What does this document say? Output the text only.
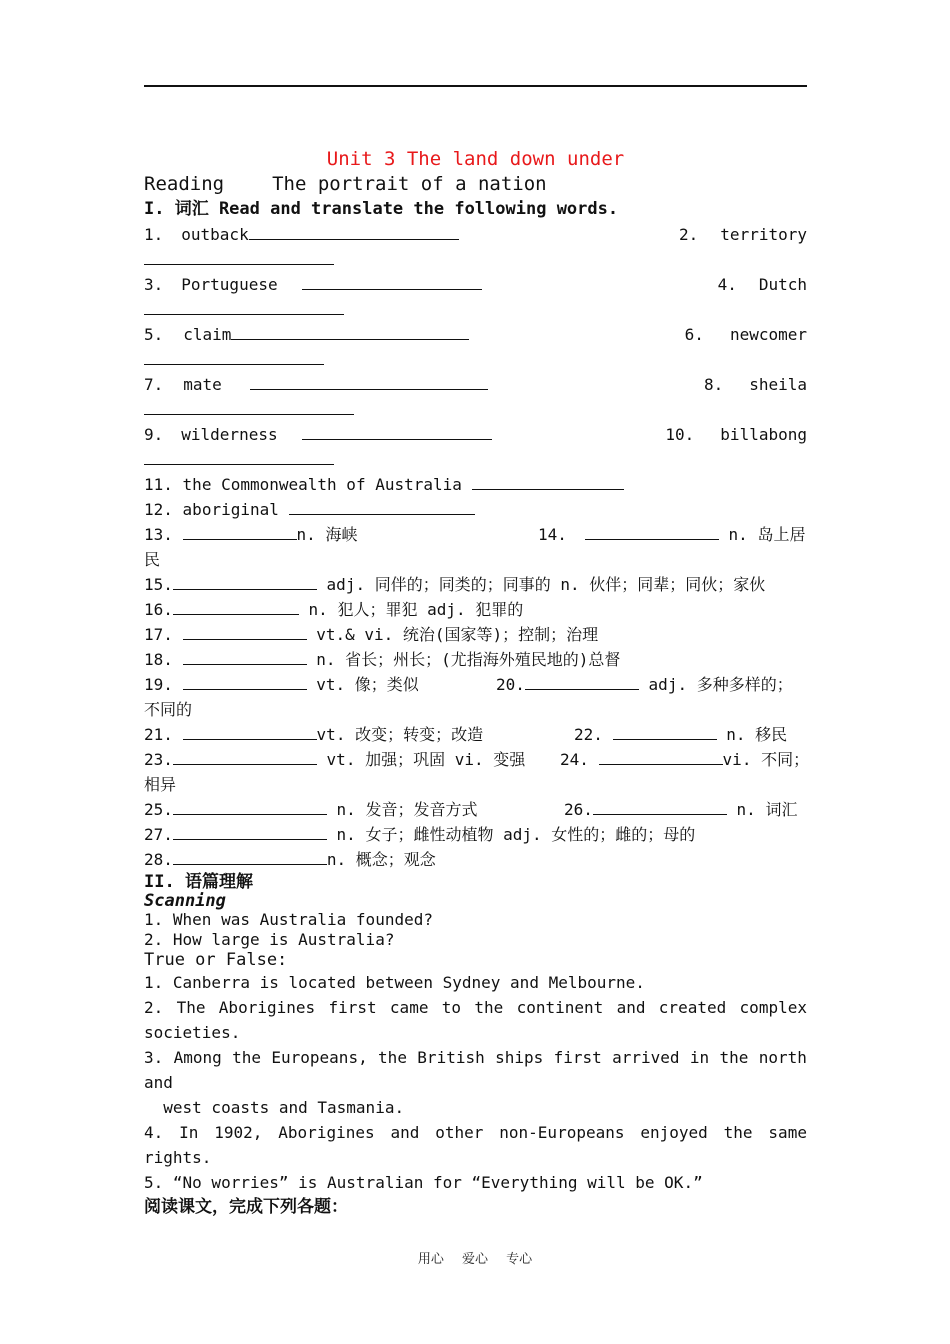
Unit 3 The land down under
Reading	The portrait of a nation
I. 词汇 Read and translate the following words.
1. outback	2. territory
3. Portuguese	4. Dutch
5. claim	6. newcomer
7. mate	8. sheila
9. wilderness	10. billabong
11. the Commonwealth of Australia
12. aboriginal
13.	n. 海峡	14.	n. 岛上居
民
15.	adj. 同伴的；同类的；同事的 n. 伙伴；同辈；同伙；家伙
16.	n. 犯人；罪犯 adj. 犯罪的
17.	vt.& vi. 统治(国家等)；控制；治理
18.	n. 省长；州长；(尤指海外殖民地的)总督
19.	vt. 像；类似	20.	adj. 多种多样的；
不同的
21.	vt. 改变；转变；改造	22.	n. 移民
23.	vt. 加强；巩固 vi. 变强 24.	vi. 不同；
相异
25.	n. 发音；发音方式	26.	n. 词汇
27.	n. 女子；雌性动植物 adj. 女性的；雌的；母的
28.	n. 概念；观念
II. 语篇理解
Scanning
1. When was Australia founded?
2. How large is Australia?
True or False:
1. Canberra is located between Sydney and Melbourne.
2. The Aborigines first came to the continent and created complex
societies.
3. Among the Europeans, the British ships first arrived in the north
and
west coasts and Tasmania.
4. In 1902, Aborigines and other non-Europeans enjoyed the same
rights.
5. “No worries” is Australian for “Everything will be OK.”
阅读课文，完成下列各题：
用心 爱心 专心
